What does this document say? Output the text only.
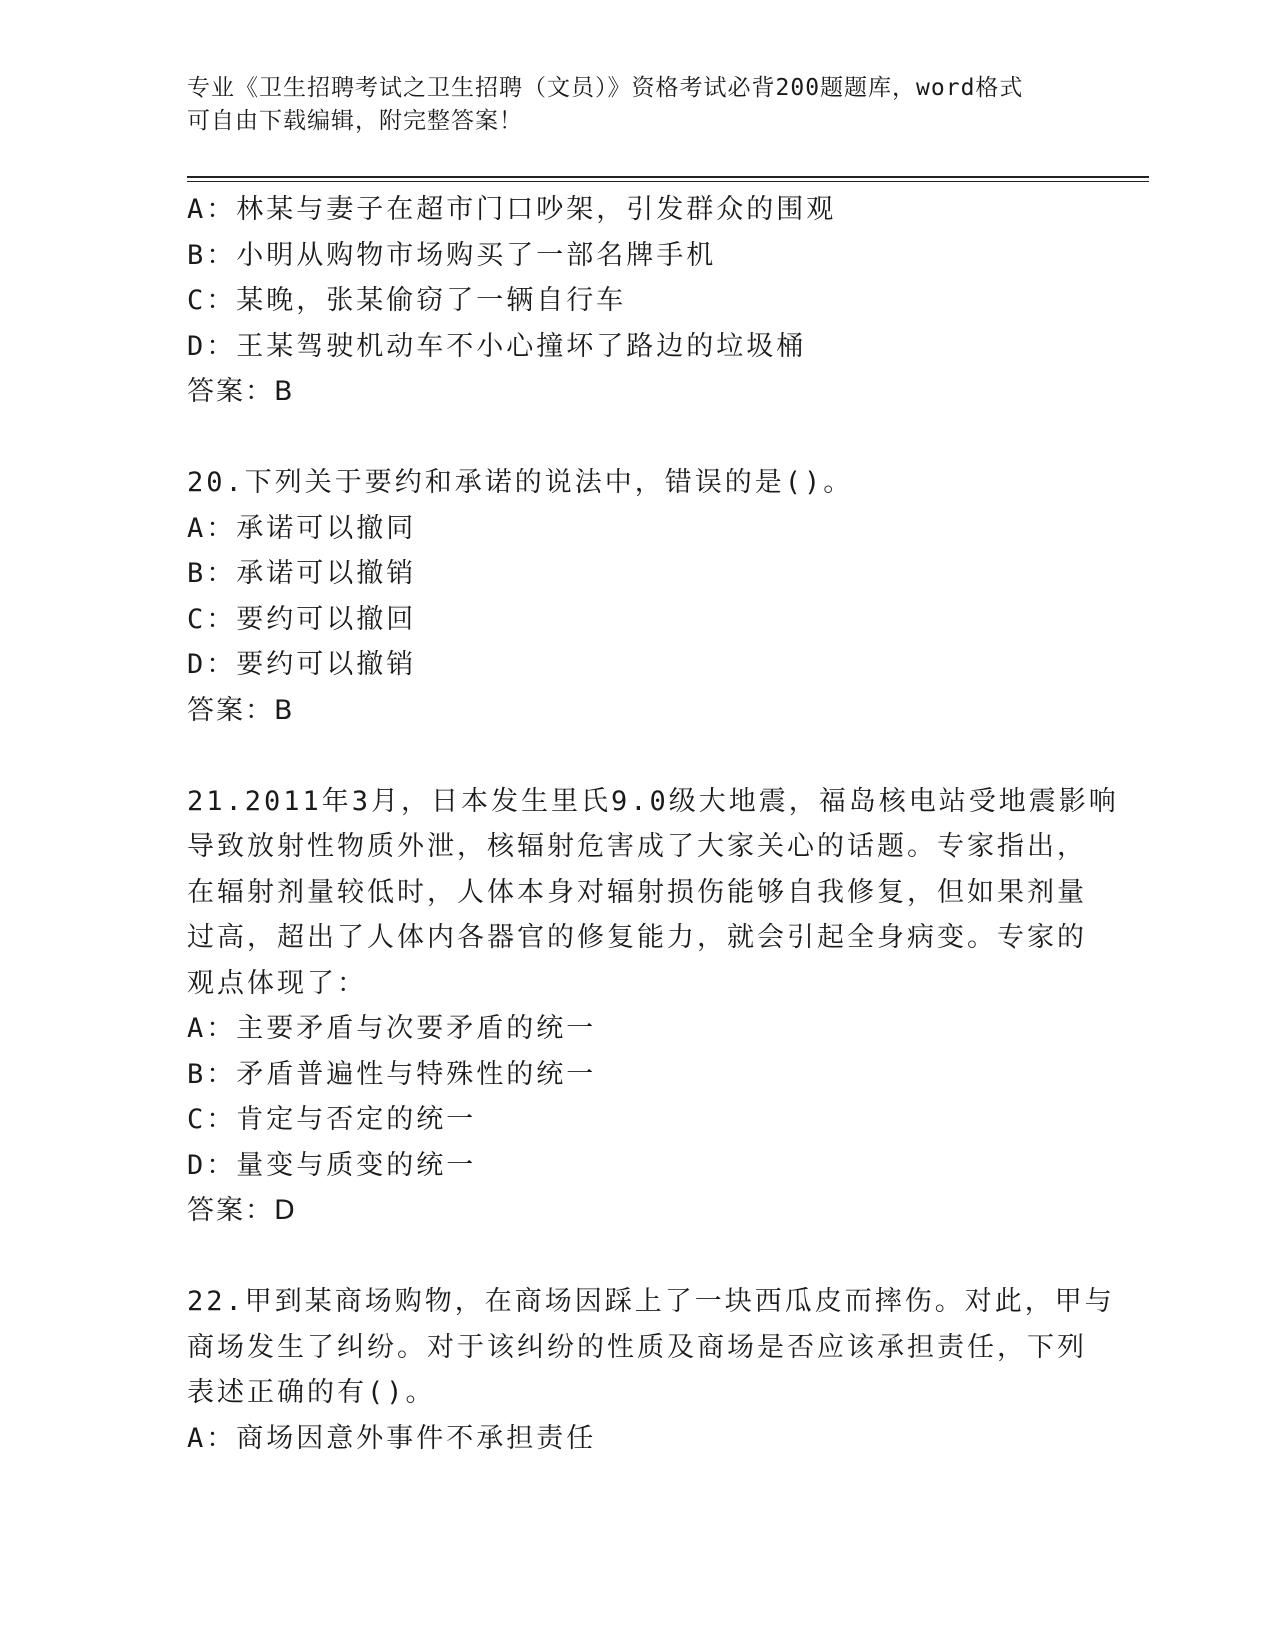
专业《卫生招聘考试之卫生招聘（文员）》资格考试必背200题题库，word格式
可自由下载编辑，附完整答案！
A：林某与妻子在超市门口吵架，引发群众的围观
B：小明从购物市场购买了一部名牌手机
C：某晚，张某偷窃了一辆自行车
D：王某驾驶机动车不小心撞坏了路边的垃圾桶
答案：B
20.下列关于要约和承诺的说法中，错误的是()。
A：承诺可以撤同
B：承诺可以撤销
C：要约可以撤回
D：要约可以撤销
答案：B
21.2011年3月，日本发生里氏9.0级大地震，福岛核电站受地震影响
导致放射性物质外泄，核辐射危害成了大家关心的话题。专家指出，
在辐射剂量较低时，人体本身对辐射损伤能够自我修复，但如果剂量
过高，超出了人体内各器官的修复能力，就会引起全身病变。专家的
观点体现了：
A：主要矛盾与次要矛盾的统一
B：矛盾普遍性与特殊性的统一
C：肯定与否定的统一
D：量变与质变的统一
答案：D
22.甲到某商场购物，在商场因踩上了一块西瓜皮而摔伤。对此，甲与
商场发生了纠纷。对于该纠纷的性质及商场是否应该承担责任，下列
表述正确的有()。
A：商场因意外事件不承担责任
